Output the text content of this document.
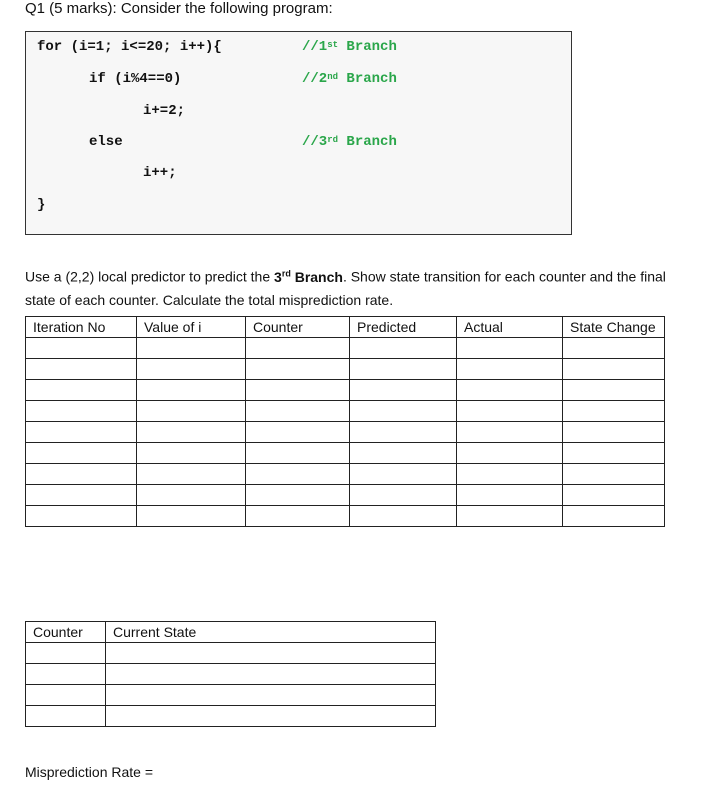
Q1 (5 marks): Consider the following program:
for (i=1; i<=20; i++){	//1st Branch
if (i%4==0)	//2nd Branch
i+=2;
else	//3rd Branch
i++;
}
Use a (2,2) local predictor to predict the 3rd Branch. Show state transition for each counter and the final state of each counter. Calculate the total misprediction rate.
Iteration No	Value of i	Counter	Predicted	Actual	State Change

Counter	Current State

Misprediction Rate =
